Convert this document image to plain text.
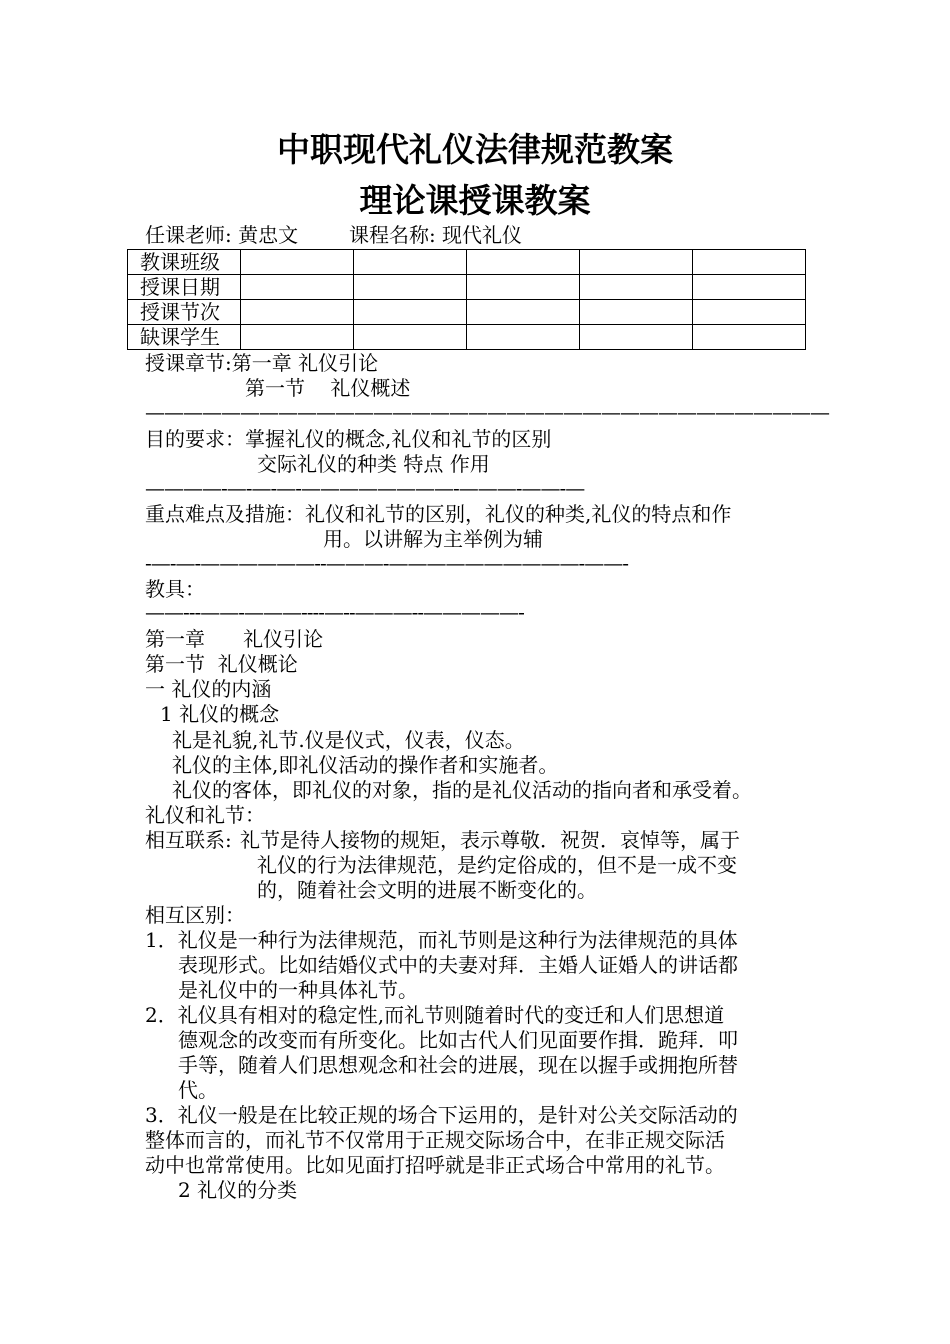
中职现代礼仪法律规范教案
理论课授课教案

任课老师: 黄忠文        课程名称: 现代礼仪

教课班级					
授课日期					
授课节次					
缺课学生					

授课章节:第一章 礼仪引论

第一节    礼仪概述

————————————————————————————————————

目的要求：掌握礼仪的概念,礼仪和礼节的区别

交际礼仪的种类 特点 作用

————-—-—-—-————————-———-——-—

重点难点及措施：礼仪和礼节的区别，礼仪的种类,礼仪的特点和作

用。以讲解为主举例为辅

-—-—-——————--———-——————————-——-

教具：

——---——-———----—--———--—————-

第一章      礼仪引论

第一节  礼仪概论

一 礼仪的内涵

1 礼仪的概念

礼是礼貌,礼节.仪是仪式，仪表，仪态。

礼仪的主体,即礼仪活动的操作者和实施者。

礼仪的客体，即礼仪的对象，指的是礼仪活动的指向者和承受着。

礼仪和礼节：

相互联系: 礼节是待人接物的规矩，表示尊敬．祝贺．哀悼等，属于

礼仪的行为法律规范，是约定俗成的，但不是一成不变

的，随着社会文明的进展不断变化的。

相互区别：

1．礼仪是一种行为法律规范，而礼节则是这种行为法律规范的具体

表现形式。比如结婚仪式中的夫妻对拜．主婚人证婚人的讲话都

是礼仪中的一种具体礼节。

2．礼仪具有相对的稳定性,而礼节则随着时代的变迁和人们思想道

德观念的改变而有所变化。比如古代人们见面要作揖．跪拜．叩

手等，随着人们思想观念和社会的进展，现在以握手或拥抱所替

代。

3．礼仪一般是在比较正规的场合下运用的，是针对公关交际活动的

整体而言的，而礼节不仅常用于正规交际场合中，在非正规交际活

动中也常常使用。比如见面打招呼就是非正式场合中常用的礼节。

2 礼仪的分类
